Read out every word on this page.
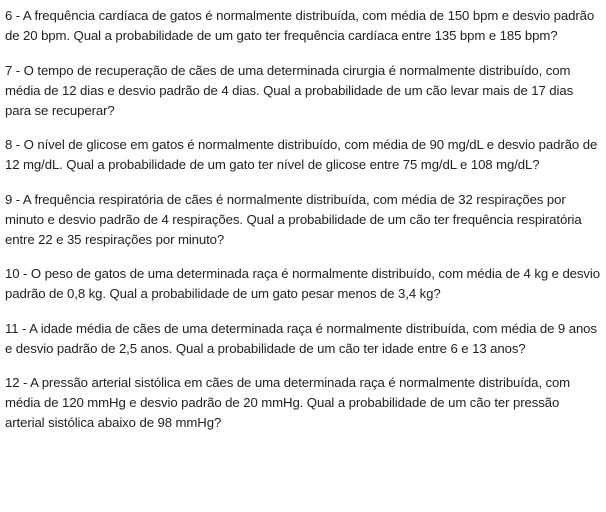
6 - A frequência cardíaca de gatos é normalmente distribuída, com média de 150 bpm e desvio padrão de 20 bpm. Qual a probabilidade de um gato ter frequência cardíaca entre 135 bpm e 185 bpm?

7 - O tempo de recuperação de cães de uma determinada cirurgia é normalmente distribuído, com média de 12 dias e desvio padrão de 4 dias. Qual a probabilidade de um cão levar mais de 17 dias para se recuperar?

8 - O nível de glicose em gatos é normalmente distribuído, com média de 90 mg/dL e desvio padrão de 12 mg/dL. Qual a probabilidade de um gato ter nível de glicose entre 75 mg/dL e 108 mg/dL?

9 - A frequência respiratória de cães é normalmente distribuída, com média de 32 respirações por minuto e desvio padrão de 4 respirações. Qual a probabilidade de um cão ter frequência respiratória entre 22 e 35 respirações por minuto?

10 - O peso de gatos de uma determinada raça é normalmente distribuído, com média de 4 kg e desvio padrão de 0,8 kg. Qual a probabilidade de um gato pesar menos de 3,4 kg?

11 - A idade média de cães de uma determinada raça é normalmente distribuída, com média de 9 anos e desvio padrão de 2,5 anos. Qual a probabilidade de um cão ter idade entre 6 e 13 anos?

12 - A pressão arterial sistólica em cães de uma determinada raça é normalmente distribuída, com média de 120 mmHg e desvio padrão de 20 mmHg. Qual a probabilidade de um cão ter pressão arterial sistólica abaixo de 98 mmHg?
